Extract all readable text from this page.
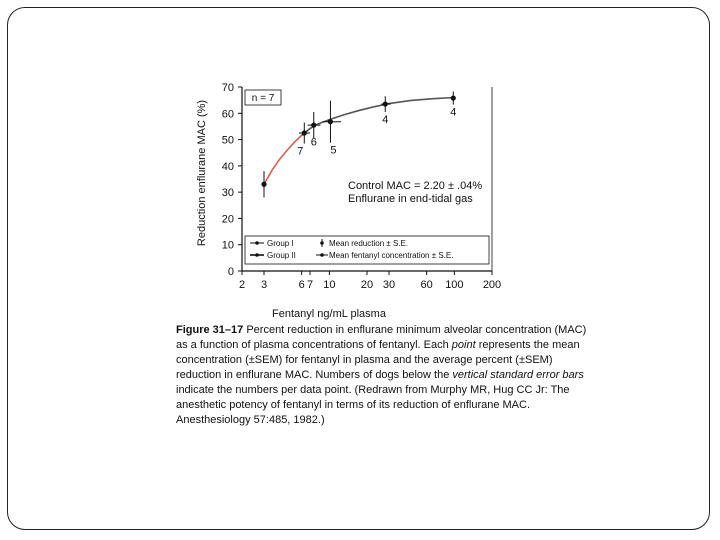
Reduction enflurane MAC (%)
Fentanyl ng/mL plasma
0
10
20
30
40
50
60
70
2 3	6 7 10 20 30 60 100 200
7
6
5
4
4
n = 7
Control MAC = 2.20 ± .04%
Enflurane in end-tidal gas
Group I
Group II
Mean reduction ± S.E.
Mean fentanyl concentration ± S.E.

Figure 31–17 Percent reduction in enflurane minimum alveolar concentration (MAC) as a function of plasma concentrations of fentanyl. Each point represents the mean concentration (±SEM) for fentanyl in plasma and the average percent (±SEM) reduction in enflurane MAC. Numbers of dogs below the vertical standard error bars indicate the numbers per data point. (Redrawn from Murphy MR, Hug CC Jr: The anesthetic potency of fentanyl in terms of its reduction of enflurane MAC. Anesthesiology 57:485, 1982.)
